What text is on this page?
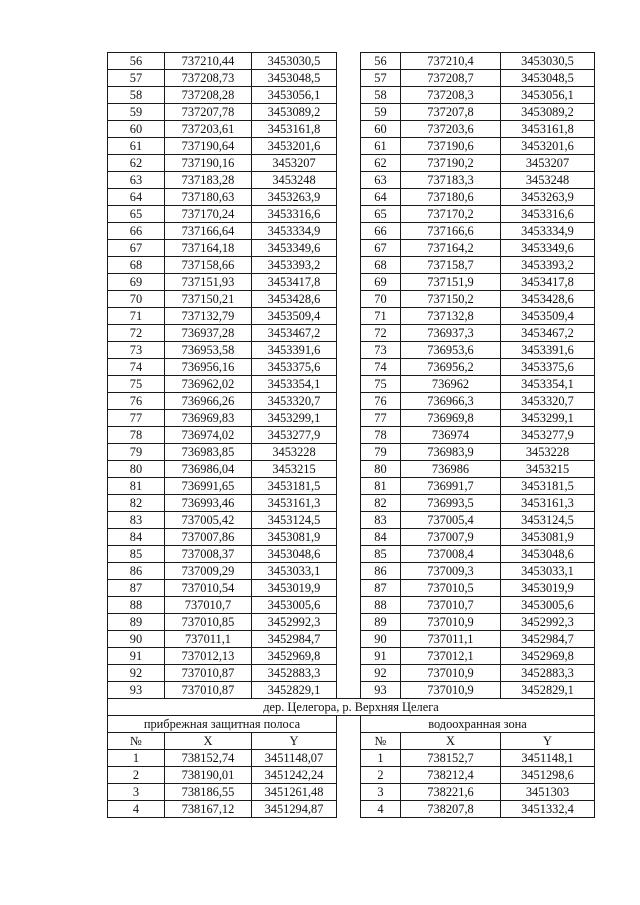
56	737210,44	3453030,5		56	737210,4	3453030,5
57	737208,73	3453048,5		57	737208,7	3453048,5
58	737208,28	3453056,1		58	737208,3	3453056,1
59	737207,78	3453089,2		59	737207,8	3453089,2
60	737203,61	3453161,8		60	737203,6	3453161,8
61	737190,64	3453201,6		61	737190,6	3453201,6
62	737190,16	3453207		62	737190,2	3453207
63	737183,28	3453248		63	737183,3	3453248
64	737180,63	3453263,9		64	737180,6	3453263,9
65	737170,24	3453316,6		65	737170,2	3453316,6
66	737166,64	3453334,9		66	737166,6	3453334,9
67	737164,18	3453349,6		67	737164,2	3453349,6
68	737158,66	3453393,2		68	737158,7	3453393,2
69	737151,93	3453417,8		69	737151,9	3453417,8
70	737150,21	3453428,6		70	737150,2	3453428,6
71	737132,79	3453509,4		71	737132,8	3453509,4
72	736937,28	3453467,2		72	736937,3	3453467,2
73	736953,58	3453391,6		73	736953,6	3453391,6
74	736956,16	3453375,6		74	736956,2	3453375,6
75	736962,02	3453354,1		75	736962	3453354,1
76	736966,26	3453320,7		76	736966,3	3453320,7
77	736969,83	3453299,1		77	736969,8	3453299,1
78	736974,02	3453277,9		78	736974	3453277,9
79	736983,85	3453228		79	736983,9	3453228
80	736986,04	3453215		80	736986	3453215
81	736991,65	3453181,5		81	736991,7	3453181,5
82	736993,46	3453161,3		82	736993,5	3453161,3
83	737005,42	3453124,5		83	737005,4	3453124,5
84	737007,86	3453081,9		84	737007,9	3453081,9
85	737008,37	3453048,6		85	737008,4	3453048,6
86	737009,29	3453033,1		86	737009,3	3453033,1
87	737010,54	3453019,9		87	737010,5	3453019,9
88	737010,7	3453005,6		88	737010,7	3453005,6
89	737010,85	3452992,3		89	737010,9	3452992,3
90	737011,1	3452984,7		90	737011,1	3452984,7
91	737012,13	3452969,8		91	737012,1	3452969,8
92	737010,87	3452883,3		92	737010,9	3452883,3
93	737010,87	3452829,1		93	737010,9	3452829,1
дер. Целегора, р. Верхняя Целега						
прибрежная защитная полоса				водоохранная зона		
№	X	Y		№	X	Y
1	738152,74	3451148,07		1	738152,7	3451148,1
2	738190,01	3451242,24		2	738212,4	3451298,6
3	738186,55	3451261,48		3	738221,6	3451303
4	738167,12	3451294,87		4	738207,8	3451332,4
